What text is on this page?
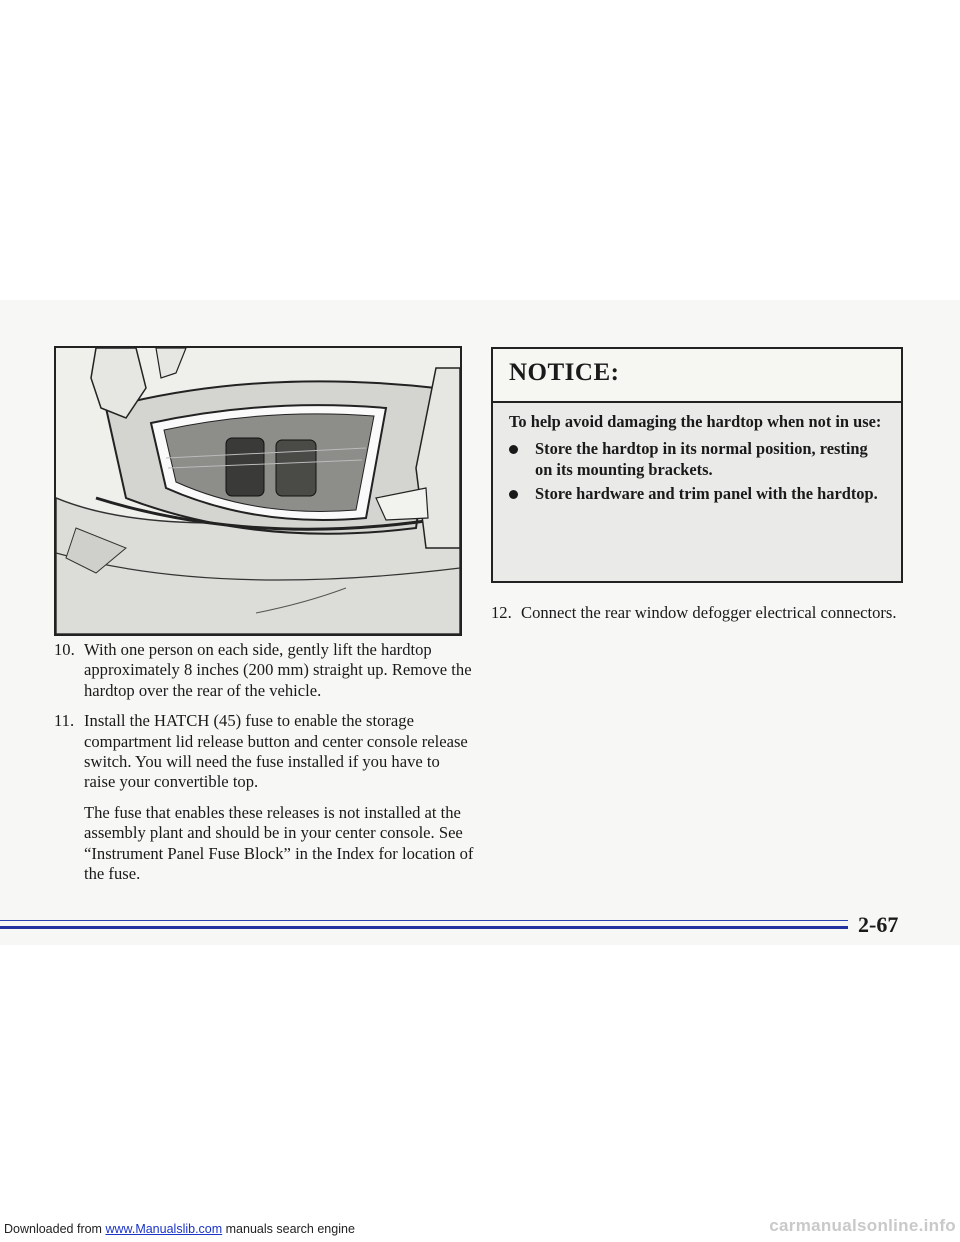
10. With one person on each side, gently lift the hardtop approximately 8 inches (200 mm) straight up. Remove the hardtop over the rear of the vehicle.
11. Install the HATCH (45) fuse to enable the storage compartment lid release button and center console release switch. You will need the fuse installed if you have to raise your convertible top.
The fuse that enables these releases is not installed at the assembly plant and should be in your center console. See “Instrument Panel Fuse Block” in the Index for location of the fuse.
NOTICE:
To help avoid damaging the hardtop when not in use:
Store the hardtop in its normal position, resting on its mounting brackets.
Store hardware and trim panel with the hardtop.
12. Connect the rear window defogger electrical connectors.
2-67
Downloaded from www.Manualslib.com manuals search engine	carmanualsonline.info
